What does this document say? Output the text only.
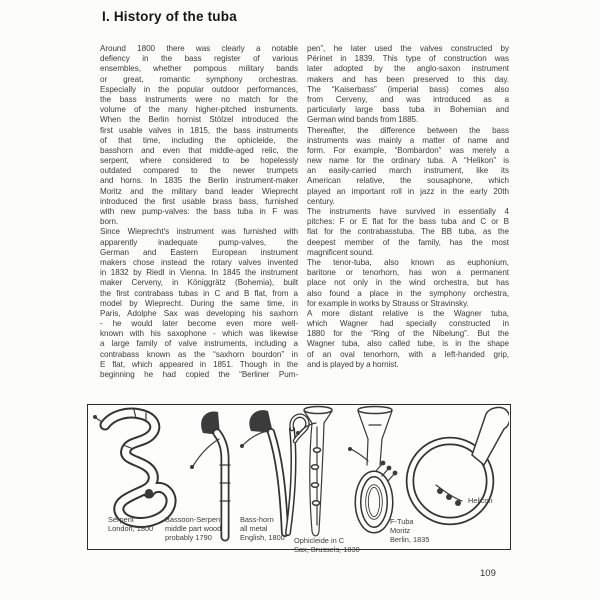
I. History of the tuba
Around 1800 there was clearly a notable
defiency in the bass register of various
ensembles, whether pompous military bands
or great, romantic symphony orchestras.
Especially in the popular outdoor performances,
the bass instruments were no match for the
volume of the many higher-pitched instruments.
When the Berlin hornist Stölzel introduced the
first usable valves in 1815, the bass instruments
of that time, including the ophicleide, the
basshorn and even that middle-aged relic, the
serpent, where considered to be hopelessly
outdated compared to the newer trumpets
and horns. In 1835 the Berlin instrument-maker
Moritz and the military band leader Wieprecht
introduced the first usable brass bass, furnished
with new pump-valves: the bass tuba in F was
born.
Since Wieprecht's instrument was furnished with
apparently inadequate pump-valves, the
German and Eastern European instrument
makers chose instead the rotary valves invented
in 1832 by Riedl in Vienna. In 1845 the instrument
maker Cerveny, in Königgrätz (Bohemia), built
the first contrabass tubas in C and B flat, from a
model by Wieprecht. During the same time, in
Paris, Adolphe Sax was developing his saxhorn
- he would later become even more well-
known with his saxophone - which was likewise
a large family of valve instruments, including a
contrabass known as the “saxhorn bourdon” in
E flat, which appeared in 1851. Though in the
beginning he had copied the “Berliner Pum-
pen”, he later used the valves constructed by
Périnet in 1839. This type of construction was
later adopted by the anglo-saxon instrument
makers and has been preserved to this day.
The “Kaiserbass” (imperial bass) comes also
from Cerveny, and was introduced as a
particularly large bass tuba in Bohemian and
German wind bands from 1885.
Thereafter, the difference between the bass
instruments was mainly a matter of name and
form. For example, “Bombardon” was merely a
new name for the ordinary tuba. A “Helikon” is
an easily-carried march instrument, like its
American relative, the sousaphone, which
played an important roll in jazz in the early 20th
century.
The instruments have survived in essentially 4
pitches: F or E flat for the bass tuba and C or B
flat for the contrabasstuba. The BB tuba, as the
deepest member of the family, has the most
magnificent sound.
The tenor-tuba, also known as euphonium,
baritone or tenorhorn, has won a permanent
place not only in the wind orchestra, but has
also found a place in the symphony orchestra,
for example in works by Strauss or Stravinsky.
A more distant relative is the Wagner tuba,
which Wagner had specially constructed in
1880 for the “Ring of the Nibelung”. But the
Wagner tuba, also called tube, is in the shape
of an oval tenorhorn, with a left-handed grip,
and is played by a hornist.
Serpent
London, 1800
Bassoon-Serpent
middle part wood
probably 1790
Bass-horn
all metal
English, 1800 Ophicleide in C
Sax, Brussels, 1830
F-Tuba
Moritz
Berlin, 1835
Helicon
109
